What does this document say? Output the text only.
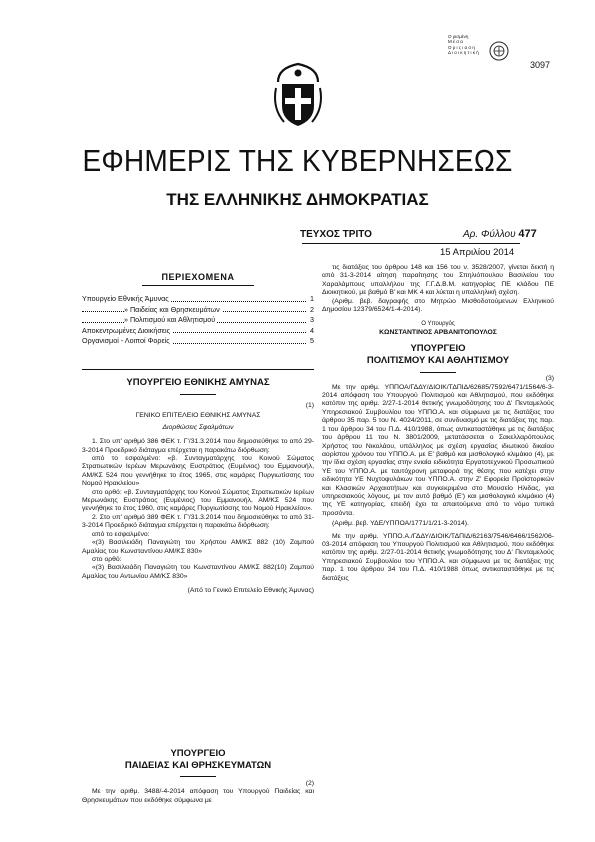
Ο ρισμένη
Μ έ σ α
Ο ρ ι ς ι α σ η
Δ ι ο ι κ η τ ι κ ή
3097
ΕΦΗΜΕΡΙΣ ΤΗΣ ΚΥΒΕΡΝΗΣΕΩΣ
ΤΗΣ ΕΛΛΗΝΙΚΗΣ ΔΗΜΟΚΡΑΤΙΑΣ
ΤΕΥΧΟΣ ΤΡΙΤΟ	Αρ. Φύλλου 477
15 Απριλίου 2014
ΠΕΡΙΕΧΟΜΕΝΑ
Υπουργείο Εθνικής Άμυνας	1
» Παιδείας και Θρησκευμάτων	2
» Πολιτισμού και Αθλητισμού	3
Αποκεντρωμένες Διοικήσεις	4
Οργανισμοί - Λοιποί Φορείς	5
ΥΠΟΥΡΓΕΙΟ ΕΘΝΙΚΗΣ ΑΜΥΝΑΣ
(1)
ΓΕΝΙΚΟ ΕΠΙΤΕΛΕΙΟ ΕΘΝΙΚΗΣ ΑΜΥΝΑΣ
Διορθώσεις Σφαλμάτων

1. Στο υπ' αριθμό 386 ΦΕΚ τ. Γ'/31.3.2014 που δημοσιεύθηκε το από 29-3-2014 Προεδρικό διάταγμα επέρχεται η παρακάτω διόρθωση:

από το εσφαλμένο: «β. Συνταγματάρχης του Κοινού Σώματος Στρατιωτικών Ιερέων Μερωνάκης Ευστράτιος (Ευμένιος) του Εμμανουήλ, ΑΜ/ΚΣ 524 που γεννήθηκε το έτος 1965, στις καμάρες Πυργιωτίσσης του Νομού Ηρακλείου»

στο ορθό: «β. Συνταγματάρχης του Κοινού Σώματος Στρατιωτικών Ιερέων Μερωνάκης Ευστράτιος (Ευμένιος) του Εμμανουήλ, ΑΜ/ΚΣ 524 που γεννήθηκε το έτος 1960, στις καμάρες Πυργιωτίσσης του Νομού Ηρακλείου».

2. Στο υπ' αριθμό 389 ΦΕΚ τ. Γ'/31.3.2014 που δημοσιεύθηκε το από 31-3-2014 Προεδρικό διάταγμα επέρχεται η παρακάτω διόρθωση:

από το εσφαλμένο:

«(3) Βασιλειάδη Παναγιώτη του Χρήστου ΑΜ/ΚΣ 882 (10) Ζαμπού Αμαλίας του Κωνσταντίνου ΑΜ/ΚΣ 830»

στο ορθό:

«(3) Βασιλειάδη Παναγιώτη του Κωνσταντίνου ΑΜ/ΚΣ 882(10) Ζαμπού Αμαλίας του Αντωνίου ΑΜ/ΚΣ 830»

(Από το Γενικό Επιτελείο Εθνικής Άμυνας)
ΥΠΟΥΡΓΕΙΟ
ΠΑΙΔΕΙΑΣ ΚΑΙ ΘΡΗΣΚΕΥΜΑΤΩΝ
(2)
Με την αριθμ. 3488/-4-2014 απόφαση του Υπουργού Παιδείας και Θρησκευμάτων που εκδόθηκε σύμφωνα με
τις διατάξεις του άρθρου 148 και 156 του ν. 3528/2007, γίνεται δεκτή η από 31-3-2014 αίτηση παραίτησης του Σπηλιόπουλου Βασιλείου του Χαραλάμπους υπαλλήλου της Γ.Γ.Δ.Β.Μ. κατηγορίας ΠΕ κλάδου ΠΕ Διοικητικού, με βαθμό Β' και ΜΚ 4 και λύεται η υπαλληλική σχέση.
(Αριθμ. βεβ. δαγραφής στο Μητρώο Μισθοδοτούμενων Ελληνικού Δημοσίου 12379/6524/1-4-2014).
Ο Υπουργός
ΚΩΝΣΤΑΝΤΙΝΟΣ ΑΡΒΑΝΙΤΟΠΟΥΛΟΣ
ΥΠΟΥΡΓΕΙΟ
ΠΟΛΙΤΙΣΜΟΥ ΚΑΙ ΑΘΛΗΤΙΣΜΟΥ
(3)
Με την αριθμ. ΥΠΠΟΑ/ΓΔΔΥ/ΔΙΟΙΚ/ΤΔΠΙΔ/62685/7592/6471/1564/6-3-2014 απόφαση του Υπουργού Πολιτισμού και Αθλητισμού, που εκδόθηκε κατόπιν της αριθμ. 2/27-1-2014 θετικής γνωμοδότησης του Δ' Πενταμελούς Υπηρεσιακού Συμβουλίου του ΥΠΠΟ.Α. και σύμφωνα με τις διατάξεις του άρθρου 35 παρ. 5 του Ν. 4024/2011, σε συνδυασμό με τις διατάξεις της παρ. 1 του άρθρου 34 του Π.Δ. 410/1988, όπως αντικαταστάθηκε με τις διατάξεις του άρθρου 11 του Ν. 3801/2009, μετατάσσεται ο Σακελλαρόπουλος Χρήστος του Νικολάου, υπάλληλος με σχέση εργασίας ιδιωτικού δικαίου αορίστου χρόνου του ΥΠΠΟ.Α. με Ε' βαθμό και μισθολογικό κλιμάκιο (4), με την ίδια σχέση εργασίας στην ενιαία ειδικότητα Εργατοτεχνικού Προσωπικού ΥΕ του ΥΠΠΟ.Α. με ταυτόχρονη μεταφορά της θέσης που κατέχει στην ειδικότητα ΥΕ Νυχτοφυλάκων του ΥΠΠΟ.Α. στην Ζ' Εφορεία Προϊστορικών και Κλασικών Αρχαιοτήτων και συγκεκριμένα στο Μουσείο Ηλιδας, για υπηρεσιακούς λόγους, με τον αυτό βαθμό (Ε') και μισθολογικό κλιμάκιο (4) της ΥΕ κατηγορίας, επειδή έχει τα απαιτούμενα από το νόμο τυπικά προσόντα.
(Αριθμ. βεβ. ΥΔΕ/ΥΠΠΟΑ/1771/1/21-3-2014).
Με την αριθμ. ΥΠΠΟ.Α./ΓΔΔΥ/ΔΙΟΙΚ/ΤΔΠΙΔ/62163/7546/6466/1562/06-03-2014 απόφαση του Υπουργού Πολιτισμού και Αθλητισμού, που εκδόθηκε κατόπιν της αριθμ. 2/27-01-2014 θετικής γνωμοδότησης του Δ' Πενταμελούς Υπηρεσιακού Συμβουλίου του ΥΠΠΟ.Α. και σύμφωνα με τις διατάξεις της παρ. 1 του άρθρου 34 του Π.Δ. 410/1988 όπως αντικαταστάθηκε με τις διατάξεις
